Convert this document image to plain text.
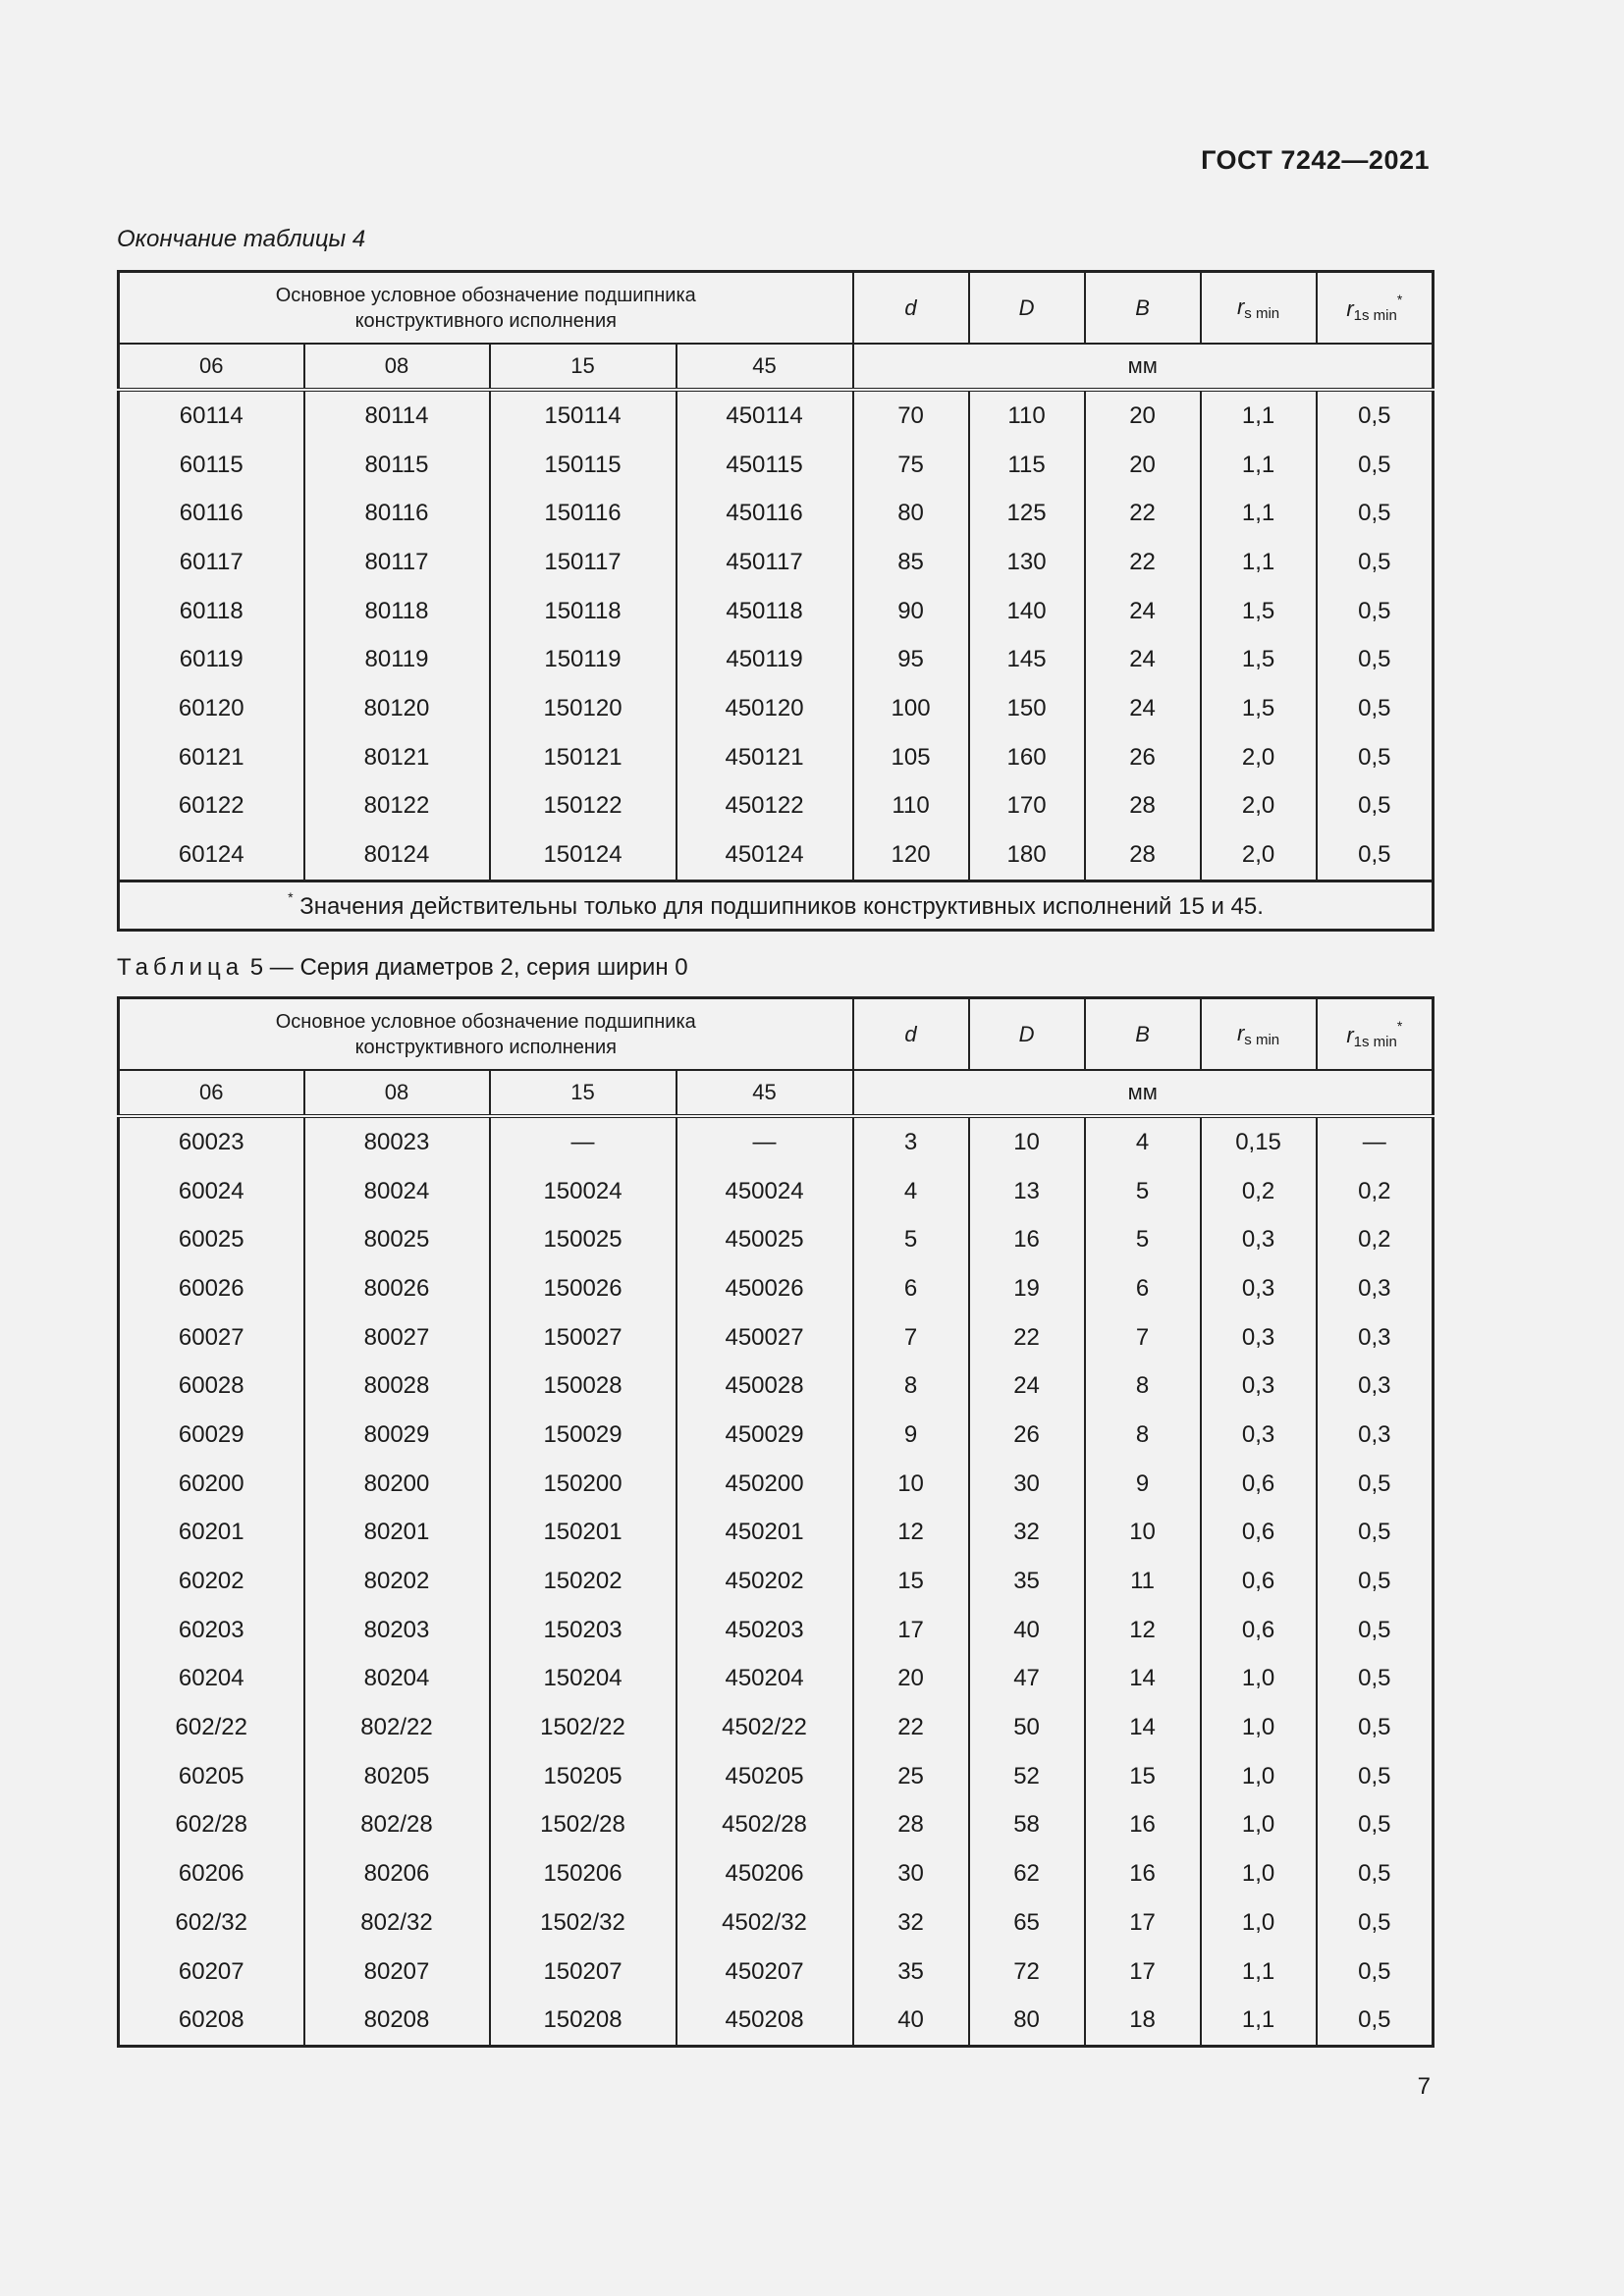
ГОСТ 7242—2021
Окончание таблицы 4
Основное условное обозначение подшипника
конструктивного исполнения				d	D	B	$r_{s min}$	$r_{1s min}^*$
06	08	15	45	мм				
60114	80114	150114	450114	70	110	20	1,1	0,5
60115	80115	150115	450115	75	115	20	1,1	0,5
60116	80116	150116	450116	80	125	22	1,1	0,5
60117	80117	150117	450117	85	130	22	1,1	0,5
60118	80118	150118	450118	90	140	24	1,5	0,5
60119	80119	150119	450119	95	145	24	1,5	0,5
60120	80120	150120	450120	100	150	24	1,5	0,5
60121	80121	150121	450121	105	160	26	2,0	0,5
60122	80122	150122	450122	110	170	28	2,0	0,5
60124	80124	150124	450124	120	180	28	2,0	0,5
* Значения действительны только для подшипников конструктивных исполнений 15 и 45.								
Таблица 5 — Серия диаметров 2, серия ширин 0
Основное условное обозначение подшипника
конструктивного исполнения				d	D	B	$r_{s min}$	$r_{1s min}^*$
06	08	15	45	мм				
60023	80023	—	—	3	10	4	0,15	—
60024	80024	150024	450024	4	13	5	0,2	0,2
60025	80025	150025	450025	5	16	5	0,3	0,2
60026	80026	150026	450026	6	19	6	0,3	0,3
60027	80027	150027	450027	7	22	7	0,3	0,3
60028	80028	150028	450028	8	24	8	0,3	0,3
60029	80029	150029	450029	9	26	8	0,3	0,3
60200	80200	150200	450200	10	30	9	0,6	0,5
60201	80201	150201	450201	12	32	10	0,6	0,5
60202	80202	150202	450202	15	35	11	0,6	0,5
60203	80203	150203	450203	17	40	12	0,6	0,5
60204	80204	150204	450204	20	47	14	1,0	0,5
602/22	802/22	1502/22	4502/22	22	50	14	1,0	0,5
60205	80205	150205	450205	25	52	15	1,0	0,5
602/28	802/28	1502/28	4502/28	28	58	16	1,0	0,5
60206	80206	150206	450206	30	62	16	1,0	0,5
602/32	802/32	1502/32	4502/32	32	65	17	1,0	0,5
60207	80207	150207	450207	35	72	17	1,1	0,5
60208	80208	150208	450208	40	80	18	1,1	0,5
7
